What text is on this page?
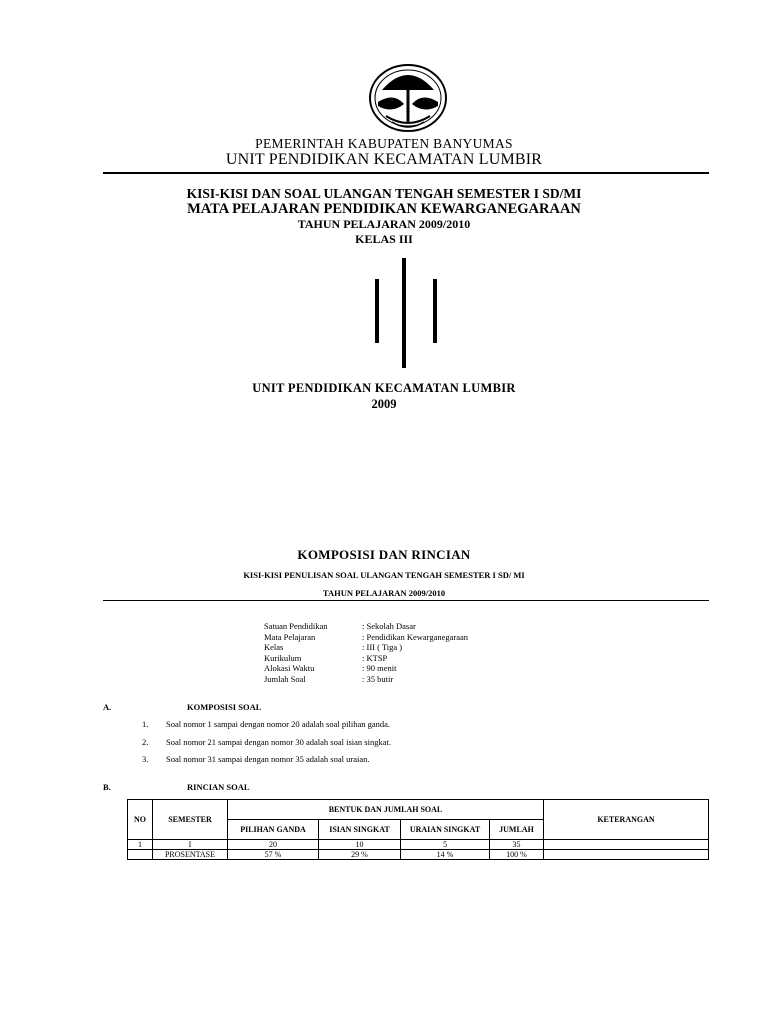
PEMERINTAH KABUPATEN BANYUMAS
UNIT PENDIDIKAN KECAMATAN LUMBIR
KISI-KISI DAN SOAL ULANGAN TENGAH SEMESTER I SD/MI
MATA PELAJARAN PENDIDIKAN KEWARGANEGARAAN
TAHUN PELAJARAN 2009/2010
KELAS III
UNIT PENDIDIKAN KECAMATAN LUMBIR
2009
KOMPOSISI DAN RINCIAN
KISI-KISI PENULISAN SOAL ULANGAN TENGAH SEMESTER I SD/ MI
TAHUN PELAJARAN 2009/2010
Satuan Pendidikan	: Sekolah Dasar
Mata Pelajaran	: Pendidikan Kewarganegaraan
Kelas	: III ( Tiga )
Kurikulum	: KTSP
Alokasi Waktu	: 90 menit
Jumlah Soal	: 35 butir
A.	KOMPOSISI SOAL
1. Soal nomor 1 sampai dengan nomor 20 adalah soal pilihan ganda.
2. Soal nomor 21 sampai dengan nomor 30 adalah soal isian singkat.
3. Soal nomor 31 sampai dengan nomor 35 adalah soal uraian.
B.	RINCIAN SOAL
NO	SEMESTER	BENTUK DAN JUMLAH SOAL				KETERANGAN
		PILIHAN GANDA	ISIAN SINGKAT	URAIAN SINGKAT	JUMLAH	
1	I	20	10	5	35	
	PROSENTASE	57 %	29 %	14 %	100 %	
